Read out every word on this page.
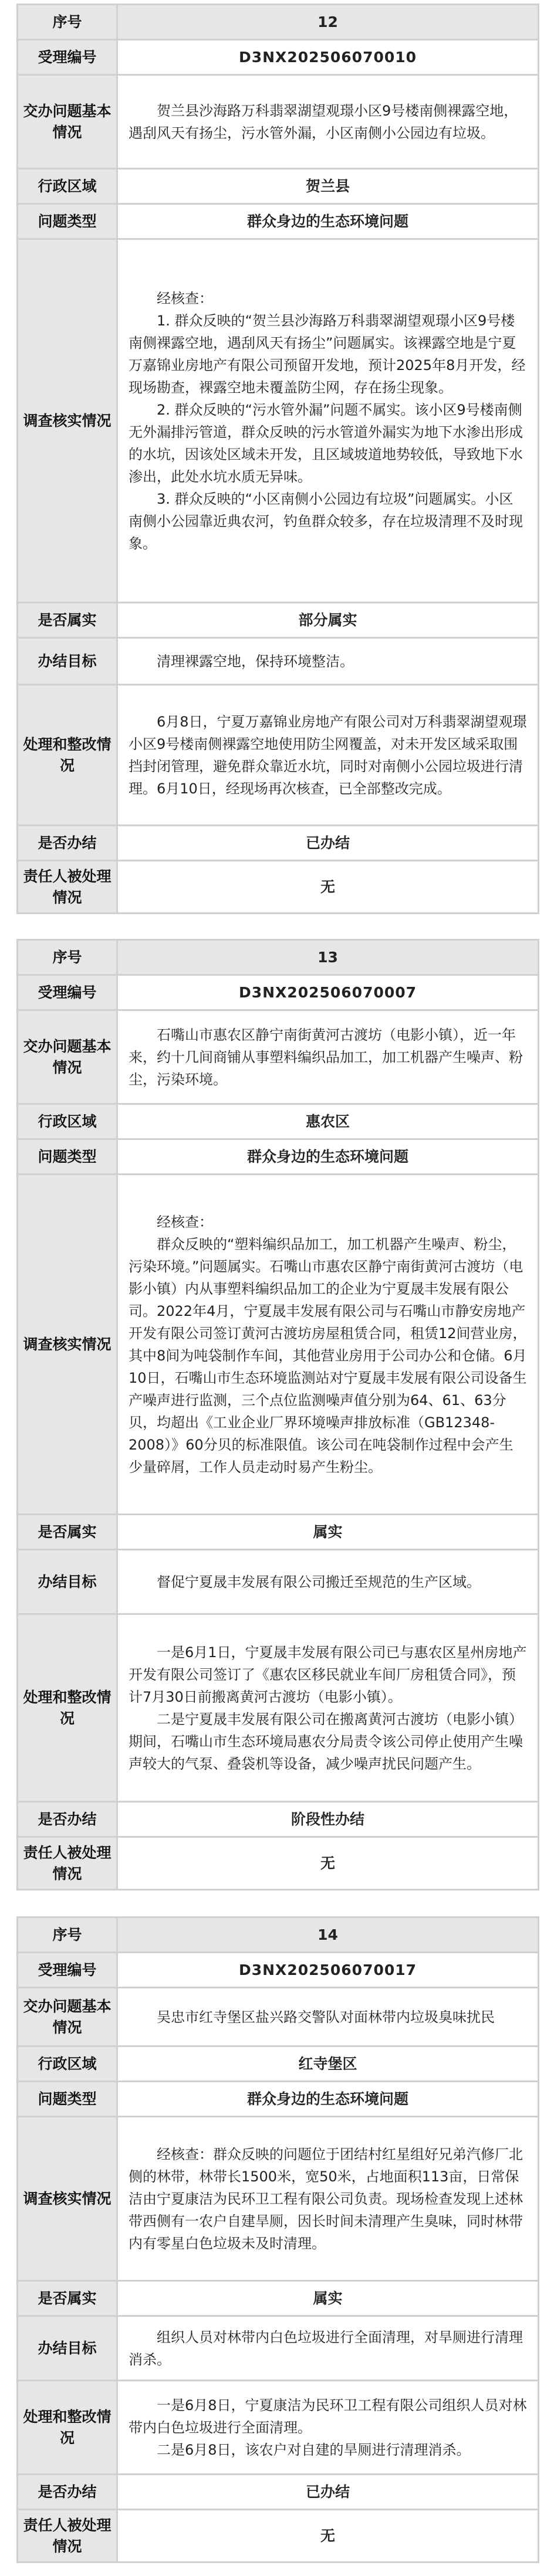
序号	12
受理编号	D3NX202506070010
交办问题基本情况	贺兰县沙海路万科翡翠湖望观璟小区9号楼南侧裸露空地，遇刮风天有扬尘，污水管外漏，小区南侧小公园边有垃圾。

行政区域	贺兰县
问题类型	群众身边的生态环境问题
调查核实情况	经核查：

1. 群众反映的“贺兰县沙海路万科翡翠湖望观璟小区9号楼南侧裸露空地，遇刮风天有扬尘”问题属实。该裸露空地是宁夏万嘉锦业房地产有限公司预留开发地，预计2025年8月开发，经现场勘查，裸露空地未覆盖防尘网，存在扬尘现象。

2. 群众反映的“污水管外漏”问题不属实。该小区9号楼南侧无外漏排污管道，群众反映的污水管道外漏实为地下水渗出形成的水坑，因该处区域未开发，且区域坡道地势较低，导致地下水渗出，此处水坑水质无异味。

3. 群众反映的“小区南侧小公园边有垃圾”问题属实。小区南侧小公园靠近典农河，钓鱼群众较多，存在垃圾清理不及时现象。

是否属实	部分属实
办结目标	清理裸露空地，保持环境整洁。

处理和整改情况	6月8日，宁夏万嘉锦业房地产有限公司对万科翡翠湖望观璟小区9号楼南侧裸露空地使用防尘网覆盖，对未开发区域采取围挡封闭管理，避免群众靠近水坑，同时对南侧小公园垃圾进行清理。6月10日，经现场再次核查，已全部整改完成。

是否办结	已办结
责任人被处理情况	无
序号	13
受理编号	D3NX202506070007
交办问题基本情况	石嘴山市惠农区静宁南街黄河古渡坊（电影小镇），近一年来，约十几间商铺从事塑料编织品加工，加工机器产生噪声、粉尘，污染环境。

行政区域	惠农区
问题类型	群众身边的生态环境问题
调查核实情况	经核查：

群众反映的“塑料编织品加工，加工机器产生噪声、粉尘，污染环境。”问题属实。石嘴山市惠农区静宁南街黄河古渡坊（电影小镇）内从事塑料编织品加工的企业为宁夏晟丰发展有限公司。2022年4月，宁夏晟丰发展有限公司与石嘴山市静安房地产开发有限公司签订黄河古渡坊房屋租赁合同，租赁12间营业房，其中8间为吨袋制作车间，其他营业房用于公司办公和仓储。6月10日，石嘴山市生态环境监测站对宁夏晟丰发展有限公司设备生产噪声进行监测，三个点位监测噪声值分别为64、61、63分贝，均超出《工业企业厂界环境噪声排放标准（GB12348-2008）》60分贝的标准限值。该公司在吨袋制作过程中会产生少量碎屑，工作人员走动时易产生粉尘。

是否属实	属实
办结目标	督促宁夏晟丰发展有限公司搬迁至规范的生产区域。

处理和整改情况	一是6月1日，宁夏晟丰发展有限公司已与惠农区星州房地产开发有限公司签订了《惠农区移民就业车间厂房租赁合同》，预计7月30日前搬离黄河古渡坊（电影小镇）。

二是宁夏晟丰发展有限公司在搬离黄河古渡坊（电影小镇）期间，石嘴山市生态环境局惠农分局责令该公司停止使用产生噪声较大的气泵、叠袋机等设备，减少噪声扰民问题产生。

是否办结	阶段性办结
责任人被处理情况	无
序号	14
受理编号	D3NX202506070017
交办问题基本情况	吴忠市红寺堡区盐兴路交警队对面林带内垃圾臭味扰民

行政区域	红寺堡区
问题类型	群众身边的生态环境问题
调查核实情况	经核查：群众反映的问题位于团结村红星组好兄弟汽修厂北侧的林带，林带长1500米，宽50米，占地面积113亩，日常保洁由宁夏康洁为民环卫工程有限公司负责。现场检查发现上述林带西侧有一农户自建旱厕，因长时间未清理产生臭味，同时林带内有零星白色垃圾未及时清理。

是否属实	属实
办结目标	组织人员对林带内白色垃圾进行全面清理，对旱厕进行清理消杀。

处理和整改情况	一是6月8日，宁夏康洁为民环卫工程有限公司组织人员对林带内白色垃圾进行全面清理。

二是6月8日，该农户对自建的旱厕进行清理消杀。

是否办结	已办结
责任人被处理情况	无
